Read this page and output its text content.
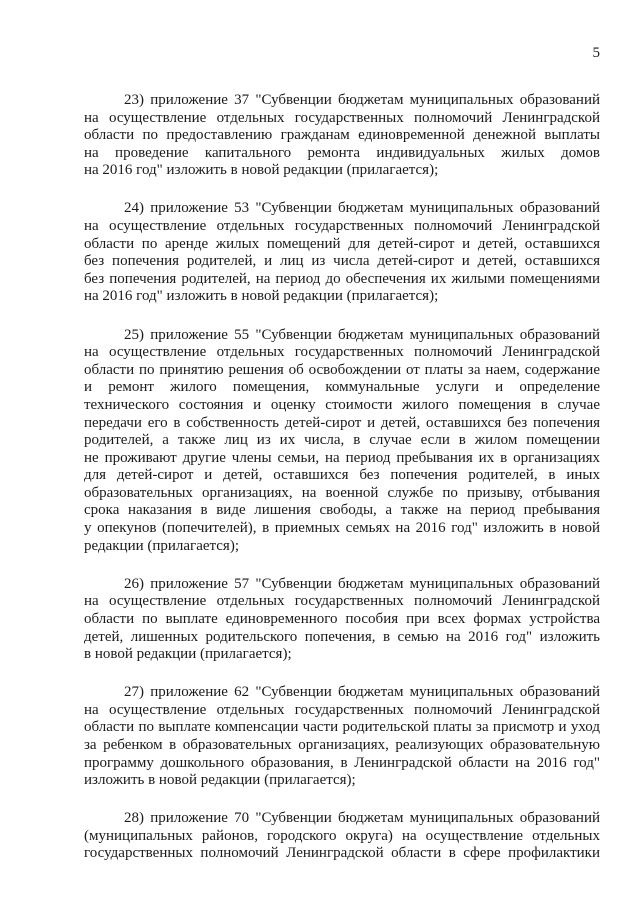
5

23) приложение 37 "Субвенции бюджетам муниципальных образований
на осуществление отдельных государственных полномочий Ленинградской
области по предоставлению гражданам единовременной денежной выплаты
на проведение капитального ремонта индивидуальных жилых домов
на 2016 год" изложить в новой редакции (прилагается);

24) приложение 53 "Субвенции бюджетам муниципальных образований
на осуществление отдельных государственных полномочий Ленинградской
области по аренде жилых помещений для детей-сирот и детей, оставшихся
без попечения родителей, и лиц из числа детей-сирот и детей, оставшихся
без попечения родителей, на период до обеспечения их жилыми помещениями
на 2016 год" изложить в новой редакции (прилагается);

25) приложение 55 "Субвенции бюджетам муниципальных образований
на осуществление отдельных государственных полномочий Ленинградской
области по принятию решения об освобождении от платы за наем, содержание
и ремонт жилого помещения, коммунальные услуги и определение
технического состояния и оценку стоимости жилого помещения в случае
передачи его в собственность детей-сирот и детей, оставшихся без попечения
родителей, а также лиц из их числа, в случае если в жилом помещении
не проживают другие члены семьи, на период пребывания их в организациях
для детей-сирот и детей, оставшихся без попечения родителей, в иных
образовательных организациях, на военной службе по призыву, отбывания
срока наказания в виде лишения свободы, а также на период пребывания
у опекунов (попечителей), в приемных семьях на 2016 год" изложить в новой
редакции (прилагается);

26) приложение 57 "Субвенции бюджетам муниципальных образований
на осуществление отдельных государственных полномочий Ленинградской
области по выплате единовременного пособия при всех формах устройства
детей, лишенных родительского попечения, в семью на 2016 год" изложить
в новой редакции (прилагается);

27) приложение 62 "Субвенции бюджетам муниципальных образований
на осуществление отдельных государственных полномочий Ленинградской
области по выплате компенсации части родительской платы за присмотр и уход
за ребенком в образовательных организациях, реализующих образовательную
программу дошкольного образования, в Ленинградской области на 2016 год"
изложить в новой редакции (прилагается);

28) приложение 70 "Субвенции бюджетам муниципальных образований
(муниципальных районов, городского округа) на осуществление отдельных
государственных полномочий Ленинградской области в сфере профилактики
